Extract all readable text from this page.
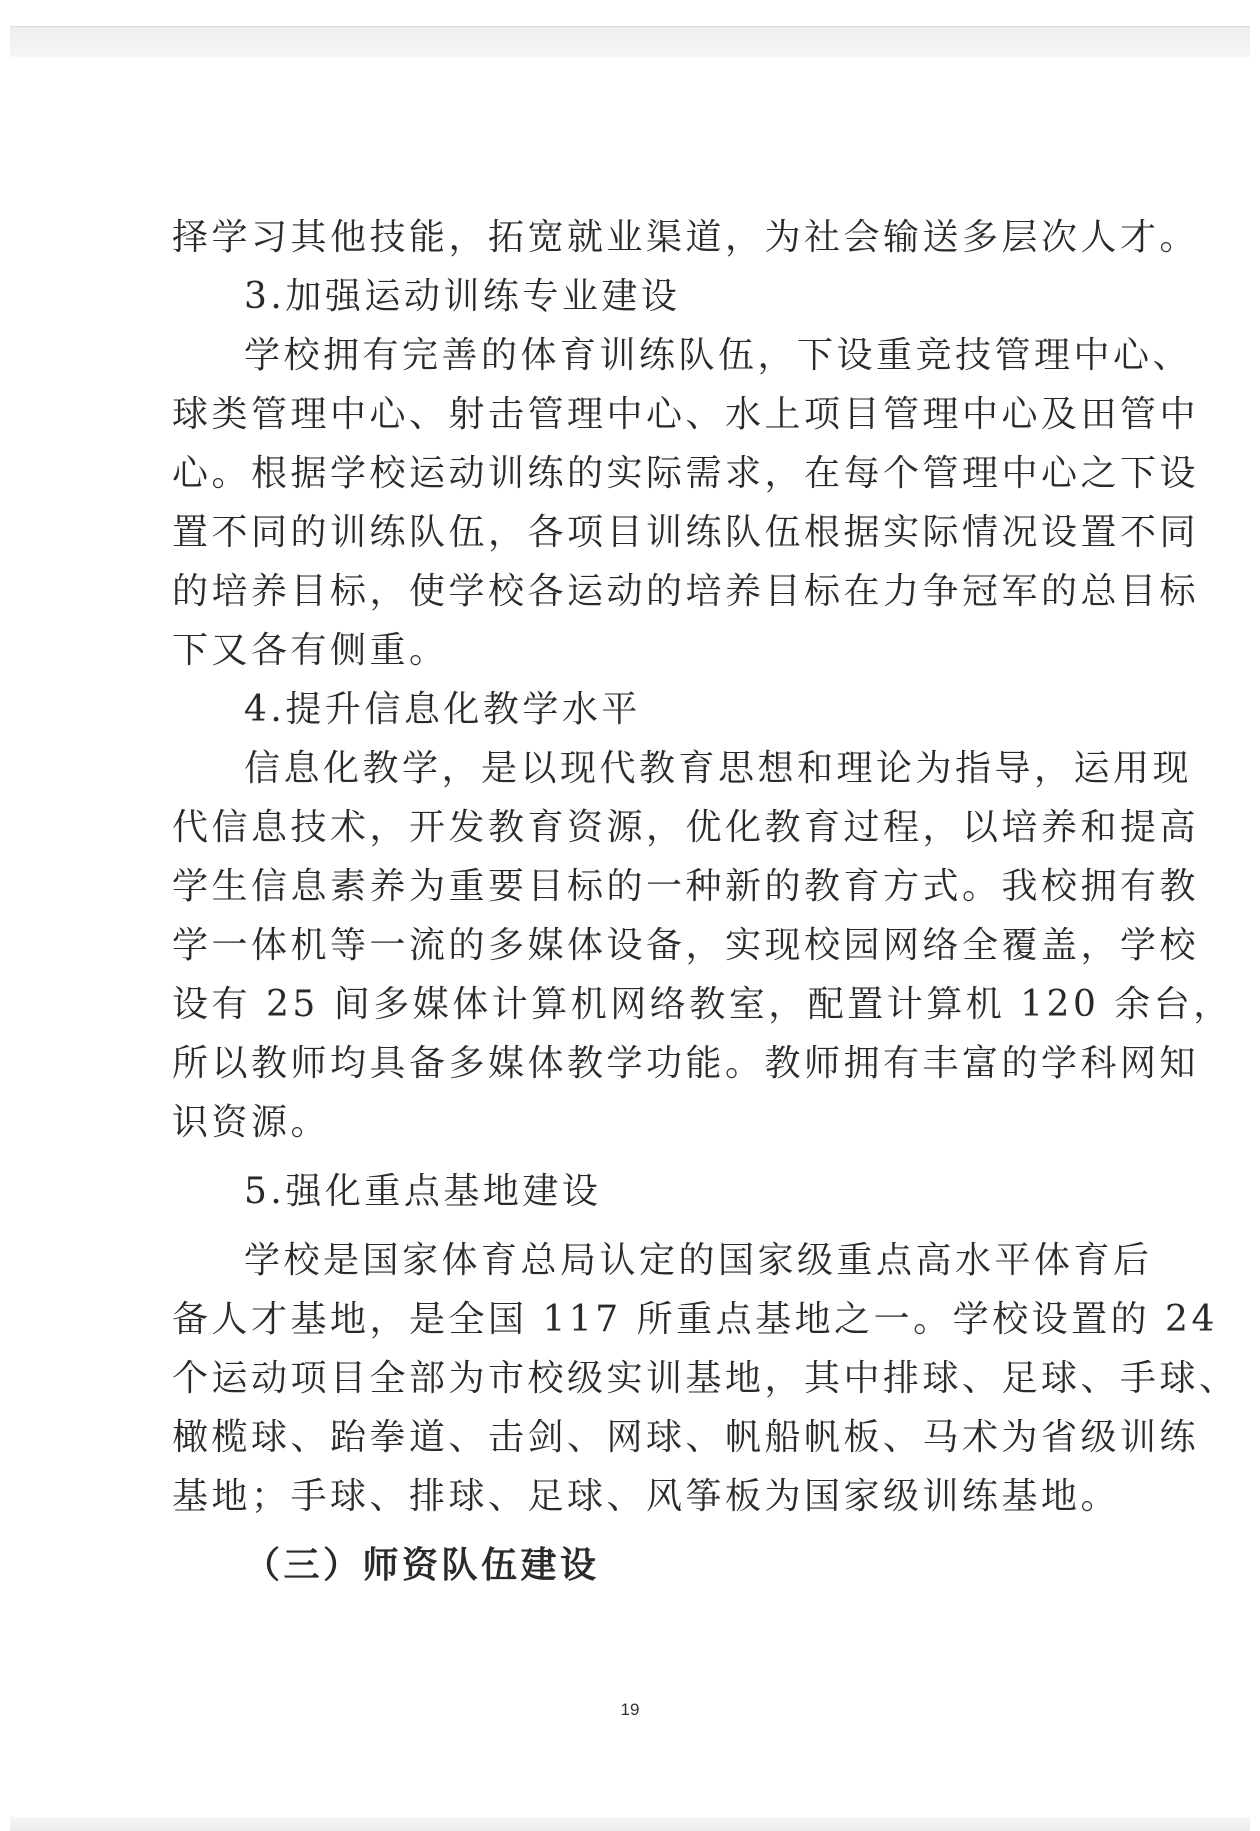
择学习其他技能，拓宽就业渠道，为社会输送多层次人才。
3.加强运动训练专业建设
学校拥有完善的体育训练队伍，下设重竞技管理中心、
球类管理中心、射击管理中心、水上项目管理中心及田管中
心。根据学校运动训练的实际需求，在每个管理中心之下设
置不同的训练队伍，各项目训练队伍根据实际情况设置不同
的培养目标，使学校各运动的培养目标在力争冠军的总目标
下又各有侧重。
4.提升信息化教学水平
信息化教学，是以现代教育思想和理论为指导，运用现
代信息技术，开发教育资源，优化教育过程，以培养和提高
学生信息素养为重要目标的一种新的教育方式。我校拥有教
学一体机等一流的多媒体设备，实现校园网络全覆盖，学校
设有 25 间多媒体计算机网络教室，配置计算机 120 余台，
所以教师均具备多媒体教学功能。教师拥有丰富的学科网知
识资源。
5.强化重点基地建设
学校是国家体育总局认定的国家级重点高水平体育后
备人才基地，是全国 117 所重点基地之一。学校设置的 24
个运动项目全部为市校级实训基地，其中排球、足球、手球、
橄榄球、跆拳道、击剑、网球、帆船帆板、马术为省级训练
基地；手球、排球、足球、风筝板为国家级训练基地。
（三）师资队伍建设
19
